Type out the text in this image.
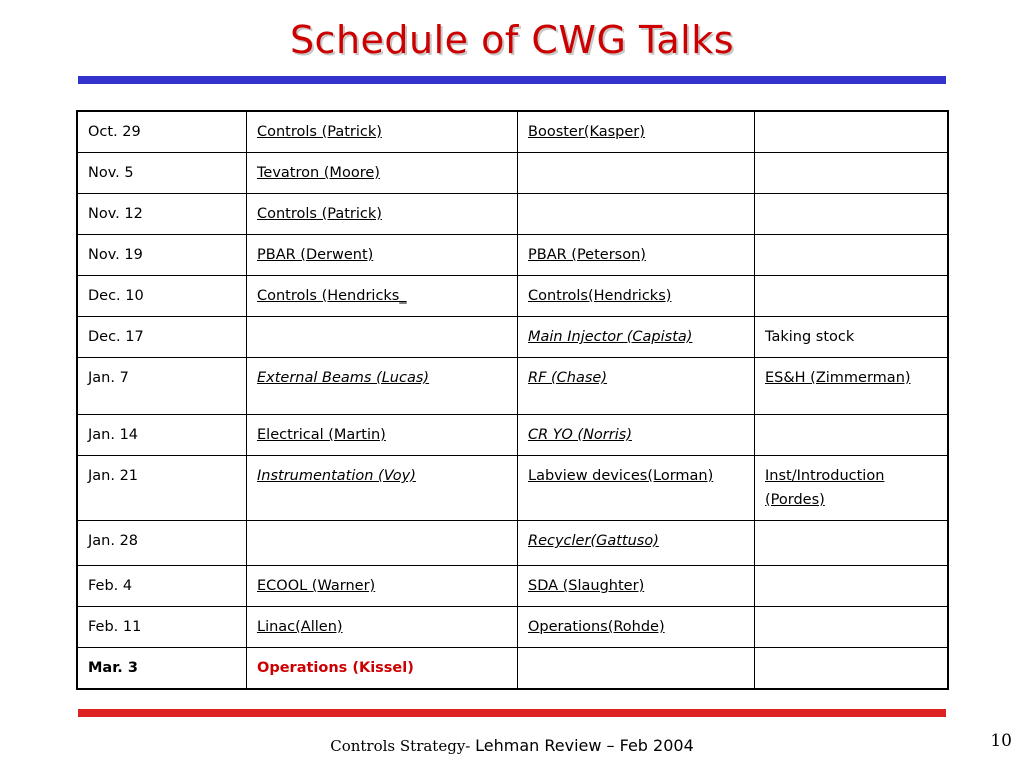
Schedule of CWG Talks
Oct. 29	Controls (Patrick)	Booster(Kasper)	
Nov. 5	Tevatron (Moore)		
Nov. 12	Controls (Patrick)		
Nov. 19	PBAR (Derwent)	PBAR (Peterson)	
Dec. 10	Controls (Hendricks_	Controls(Hendricks)	
Dec. 17		Main Injector (Capista)	Taking stock
Jan. 7	External Beams (Lucas)	RF (Chase)	ES&H (Zimmerman)
Jan. 14	Electrical (Martin)	CR YO (Norris)	
Jan. 21	Instrumentation (Voy)	Labview devices(Lorman)	Inst/Introduction (Pordes)
Jan. 28		Recycler(Gattuso)	
Feb. 4	ECOOL (Warner)	SDA (Slaughter)	
Feb. 11	Linac(Allen)	Operations(Rohde)	
Mar. 3	Operations (Kissel)		
Controls Strategy- Lehman Review – Feb 2004	10
